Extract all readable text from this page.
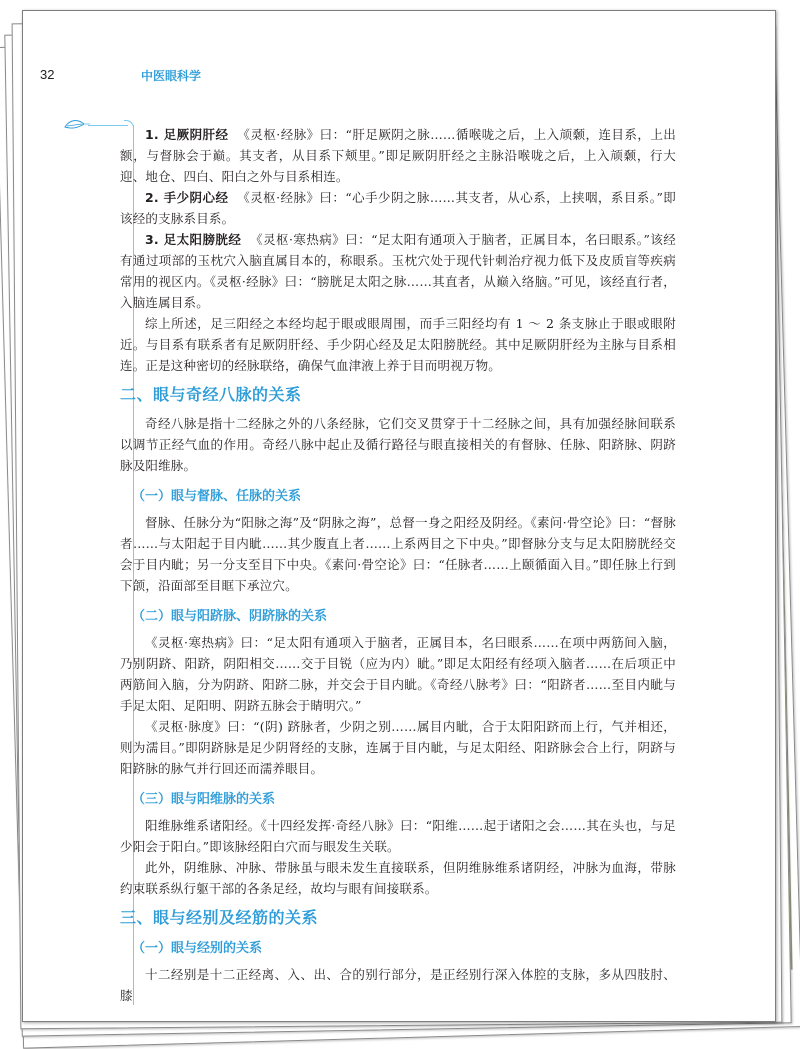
32	中医眼科学

1. 足厥阴肝经 《灵枢·经脉》曰：“肝足厥阴之脉……循喉咙之后，上入颃颡，连目系，上出额，与督脉会于巅。其支者，从目系下颊里。”即足厥阴肝经之主脉沿喉咙之后，上入颃颡，行大迎、地仓、四白、阳白之外与目系相连。

2. 手少阴心经 《灵枢·经脉》曰：“心手少阴之脉……其支者，从心系，上挟咽，系目系。”即该经的支脉系目系。

3. 足太阳膀胱经 《灵枢·寒热病》曰：“足太阳有通项入于脑者，正属目本，名曰眼系。”该经有通过项部的玉枕穴入脑直属目本的，称眼系。玉枕穴处于现代针刺治疗视力低下及皮质盲等疾病常用的视区内。《灵枢·经脉》曰：“膀胱足太阳之脉……其直者，从巅入络脑。”可见，该经直行者，入脑连属目系。

综上所述，足三阳经之本经均起于眼或眼周围，而手三阳经均有 1 ～ 2 条支脉止于眼或眼附近。与目系有联系者有足厥阴肝经、手少阴心经及足太阳膀胱经。其中足厥阴肝经为主脉与目系相连。正是这种密切的经脉联络，确保气血津液上养于目而明视万物。

二、眼与奇经八脉的关系

奇经八脉是指十二经脉之外的八条经脉，它们交叉贯穿于十二经脉之间，具有加强经脉间联系以调节正经气血的作用。奇经八脉中起止及循行路径与眼直接相关的有督脉、任脉、阳跻脉、阴跻脉及阳维脉。

（一）眼与督脉、任脉的关系

督脉、任脉分为“阳脉之海”及“阴脉之海”，总督一身之阳经及阴经。《素问·骨空论》曰：“督脉者……与太阳起于目内眦……其少腹直上者……上系两目之下中央。”即督脉分支与足太阳膀胱经交会于目内眦；另一分支至目下中央。《素问·骨空论》曰：“任脉者……上颐循面入目。”即任脉上行到下颌，沿面部至目眶下承泣穴。

（二）眼与阳跻脉、阴跻脉的关系

《灵枢·寒热病》曰：“足太阳有通项入于脑者，正属目本，名曰眼系……在项中两筋间入脑，乃别阴跻、阳跻，阴阳相交……交于目锐（应为内）眦。”即足太阳经有经项入脑者……在后项正中两筋间入脑，分为阴跻、阳跻二脉，并交会于目内眦。《奇经八脉考》曰：“阳跻者……至目内眦与手足太阳、足阳明、阴跻五脉会于睛明穴。”

《灵枢·脉度》曰：“(阴) 跻脉者，少阴之别……属目内眦，合于太阳阳跻而上行，气并相还，则为濡目。”即阴跻脉是足少阴肾经的支脉，连属于目内眦，与足太阳经、阳跻脉会合上行，阴跻与阳跻脉的脉气并行回还而濡养眼目。

（三）眼与阳维脉的关系

阳维脉维系诸阳经。《十四经发挥·奇经八脉》曰：“阳维……起于诸阳之会……其在头也，与足少阳会于阳白。”即该脉经阳白穴而与眼发生关联。

此外，阴维脉、冲脉、带脉虽与眼未发生直接联系，但阴维脉维系诸阴经，冲脉为血海，带脉约束联系纵行躯干部的各条足经，故均与眼有间接联系。

三、眼与经别及经筋的关系
（一）眼与经别的关系

十二经别是十二正经离、入、出、合的别行部分，是正经别行深入体腔的支脉，多从四肢肘、膝
